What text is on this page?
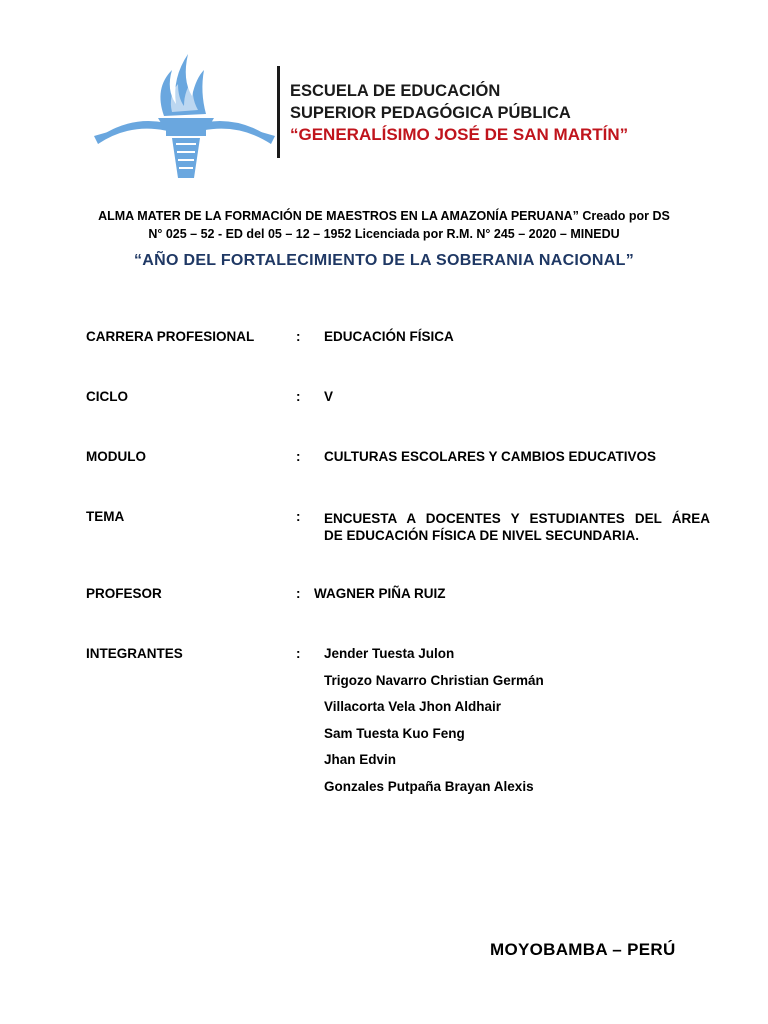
ESCUELA DE EDUCACIÓN
SUPERIOR PEDAGÓGICA PÚBLICA
“GENERALÍSIMO JOSÉ DE SAN MARTÍN”
ALMA MATER DE LA FORMACIÓN DE MAESTROS EN LA AMAZONÍA PERUANA” Creado por DS
N° 025 – 52 - ED del 05 – 12 – 1952 Licenciada por R.M. N° 245 – 2020 – MINEDU
“AÑO DEL FORTALECIMIENTO DE LA SOBERANIA NACIONAL”
CARRERA PROFESIONAL	: EDUCACIÓN FÍSICA
CICLO	: V
MODULO	: CULTURAS ESCOLARES Y CAMBIOS EDUCATIVOS
TEMA	: ENCUESTA A DOCENTES Y ESTUDIANTES DEL ÁREA
DE EDUCACIÓN FÍSICA DE NIVEL SECUNDARIA.
PROFESOR	: WAGNER PIÑA RUIZ
INTEGRANTES	: Jender Tuesta Julon
Trigozo Navarro Christian Germán
Villacorta Vela Jhon Aldhair
Sam Tuesta Kuo Feng
Jhan Edvin
Gonzales Putpaña Brayan Alexis
MOYOBAMBA – PERÚ
